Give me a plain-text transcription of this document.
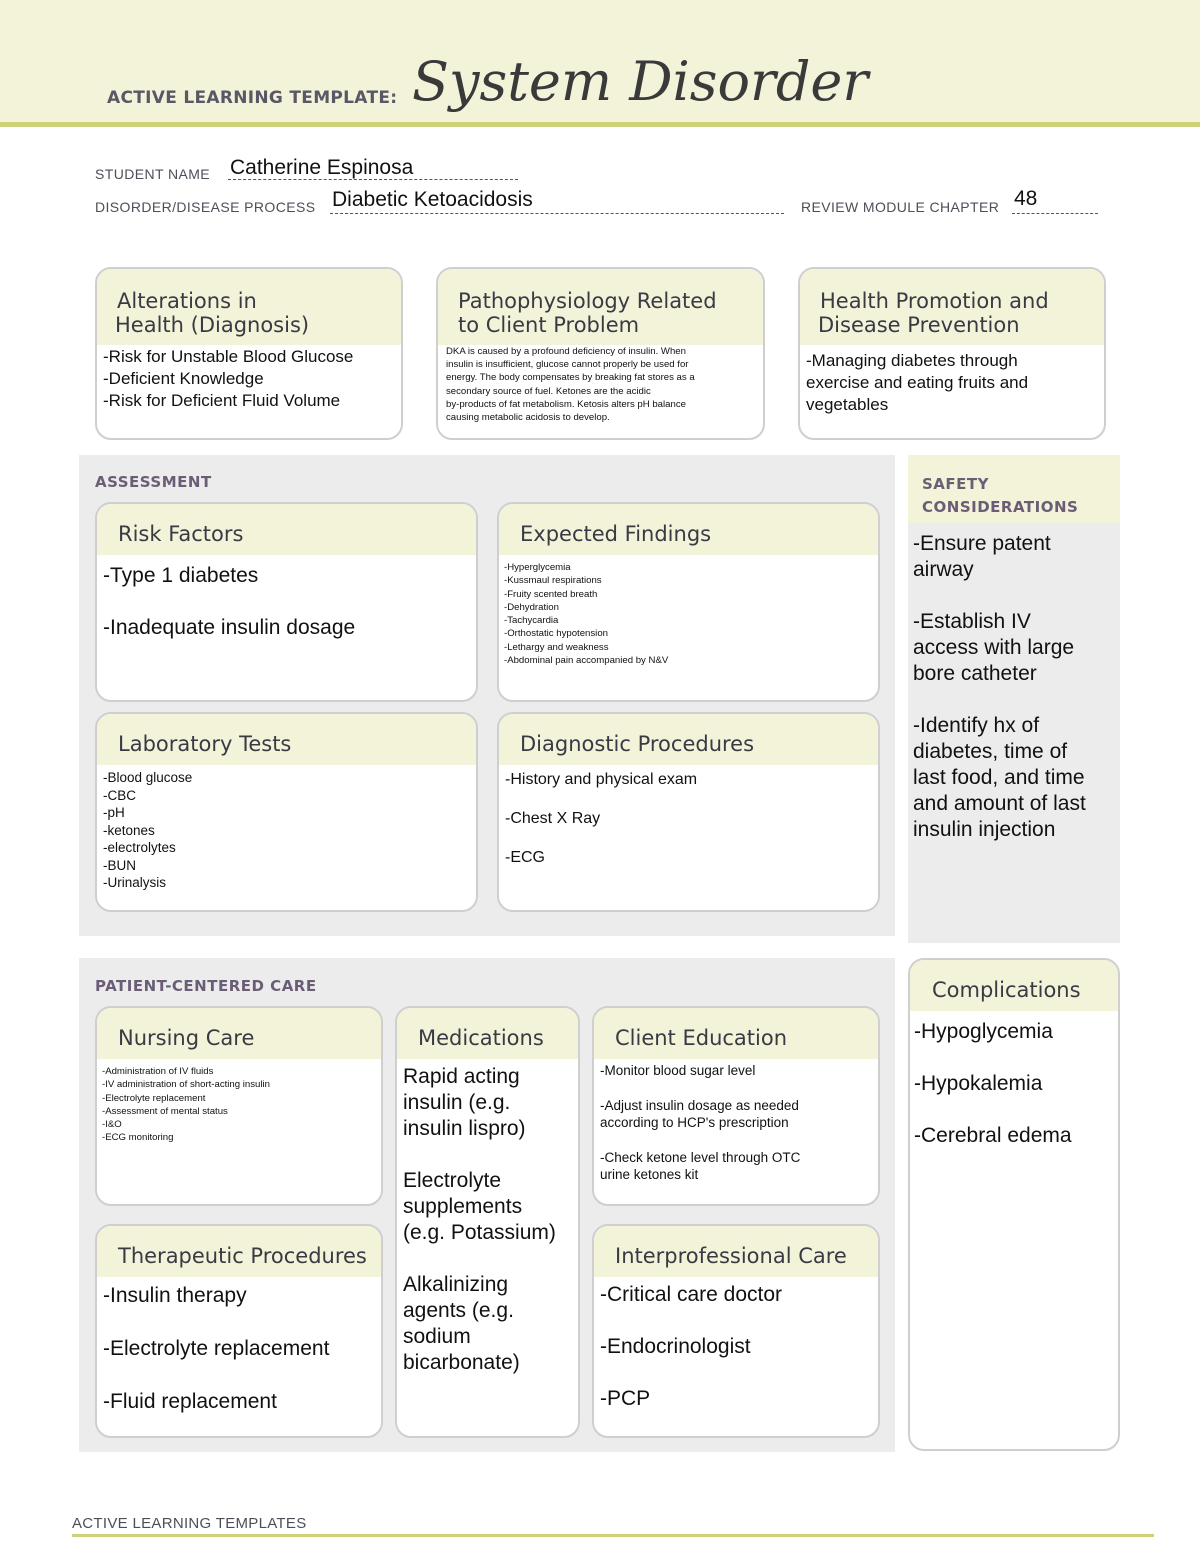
ACTIVE LEARNING TEMPLATE: System Disorder
STUDENT NAME Catherine Espinosa
DISORDER/DISEASE PROCESS Diabetic Ketoacidosis	REVIEW MODULE CHAPTER 48
Alterations in
Health (Diagnosis)
-Risk for Unstable Blood Glucose
-Deficient Knowledge
-Risk for Deficient Fluid Volume
Pathophysiology Related
to Client Problem
DKA is caused by a profound deficiency of insulin. When
insulin is insufficient, glucose cannot properly be used for
energy. The body compensates by breaking fat stores as a
secondary source of fuel. Ketones are the acidic
by-products of fat metabolism. Ketosis alters pH balance
causing metabolic acidosis to develop.
Health Promotion and
Disease Prevention
-Managing diabetes through
exercise and eating fruits and
vegetables
ASSESSMENT
Risk Factors
-Type 1 diabetes
-Inadequate insulin dosage
Expected Findings
-Hyperglycemia
-Kussmaul respirations
-Fruity scented breath
-Dehydration
-Tachycardia
-Orthostatic hypotension
-Lethargy and weakness
-Abdominal pain accompanied by N&V
Laboratory Tests
-Blood glucose
-CBC
-pH
-ketones
-electrolytes
-BUN
-Urinalysis
Diagnostic Procedures
-History and physical exam
-Chest X Ray
-ECG
SAFETY
CONSIDERATIONS
-Ensure patent
airway
-Establish IV
access with large
bore catheter
-Identify hx of
diabetes, time of
last food, and time
and amount of last
insulin injection
PATIENT-CENTERED CARE
Nursing Care
-Administration of IV fluids
-IV administration of short-acting insulin
-Electrolyte replacement
-Assessment of mental status
-I&O
-ECG monitoring
Medications
Rapid acting
insulin (e.g.
insulin lispro)
Electrolyte
supplements
(e.g. Potassium)
Alkalinizing
agents (e.g.
sodium
bicarbonate)
Client Education
-Monitor blood sugar level
-Adjust insulin dosage as needed
according to HCP's prescription
-Check ketone level through OTC
urine ketones kit
Therapeutic Procedures
-Insulin therapy
-Electrolyte replacement
-Fluid replacement
Interprofessional Care
-Critical care doctor
-Endocrinologist
-PCP
Complications
-Hypoglycemia
-Hypokalemia
-Cerebral edema
ACTIVE LEARNING TEMPLATES
